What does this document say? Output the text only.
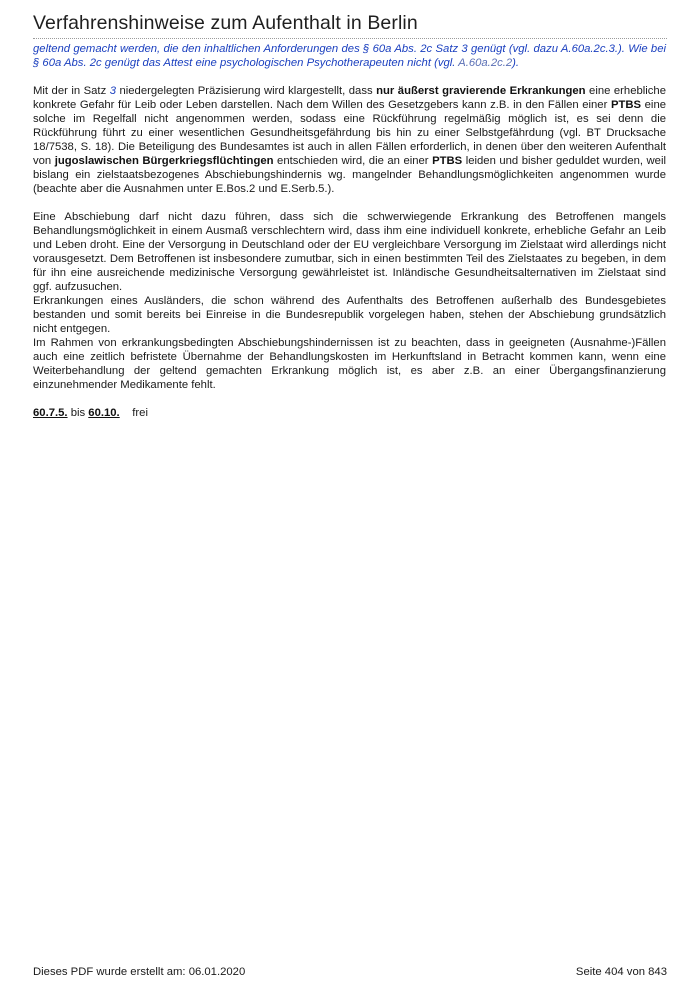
Verfahrenshinweise zum Aufenthalt in Berlin

geltend gemacht werden, die den inhaltlichen Anforderungen des § 60a Abs. 2c Satz 3 genügt (vgl. dazu A.60a.2c.3.). Wie bei § 60a Abs. 2c genügt das Attest eine psychologischen Psychotherapeuten nicht (vgl. A.60a.2c.2).

Mit der in Satz 3 niedergelegten Präzisierung wird klargestellt, dass nur äußerst gravierende Erkrankungen eine erhebliche konkrete Gefahr für Leib oder Leben darstellen. Nach dem Willen des Gesetzgebers kann z.B. in den Fällen einer PTBS eine solche im Regelfall nicht angenommen werden, sodass eine Rückführung regelmäßig möglich ist, es sei denn die Rückführung führt zu einer wesentlichen Gesundheitsgefährdung bis hin zu einer Selbstgefährdung (vgl. BT Drucksache 18/7538, S. 18). Die Beteiligung des Bundesamtes ist auch in allen Fällen erforderlich, in denen über den weiteren Aufenthalt von jugoslawischen Bürgerkriegsflüchtingen entschieden wird, die an einer PTBS leiden und bisher geduldet wurden, weil bislang ein zielstaatsbezogenes Abschiebungshindernis wg. mangelnder Behandlungsmöglichkeiten angenommen wurde (beachte aber die Ausnahmen unter E.Bos.2 und E.Serb.5.).

Eine Abschiebung darf nicht dazu führen, dass sich die schwerwiegende Erkrankung des Betroffenen mangels Behandlungsmöglichkeit in einem Ausmaß verschlechtern wird, dass ihm eine individuell konkrete, erhebliche Gefahr an Leib und Leben droht. Eine der Versorgung in Deutschland oder der EU vergleichbare Versorgung im Zielstaat wird allerdings nicht vorausgesetzt. Dem Betroffenen ist insbesondere zumutbar, sich in einen bestimmten Teil des Zielstaates zu begeben, in dem für ihn eine ausreichende medizinische Versorgung gewährleistet ist. Inländische Gesundheitsalternativen im Zielstaat sind ggf. aufzusuchen.

Erkrankungen eines Ausländers, die schon während des Aufenthalts des Betroffenen außerhalb des Bundesgebietes bestanden und somit bereits bei Einreise in die Bundesrepublik vorgelegen haben, stehen der Abschiebung grundsätzlich nicht entgegen.

Im Rahmen von erkrankungsbedingten Abschiebungshindernissen ist zu beachten, dass in geeigneten (Ausnahme-)Fällen auch eine zeitlich befristete Übernahme der Behandlungskosten im Herkunftsland in Betracht kommen kann, wenn eine Weiterbehandlung der geltend gemachten Erkrankung möglich ist, es aber z.B. an einer Übergangsfinanzierung einzunehmender Medikamente fehlt.

60.7.5. bis 60.10. frei

Dieses PDF wurde erstellt am: 06.01.2020	Seite 404 von 843
